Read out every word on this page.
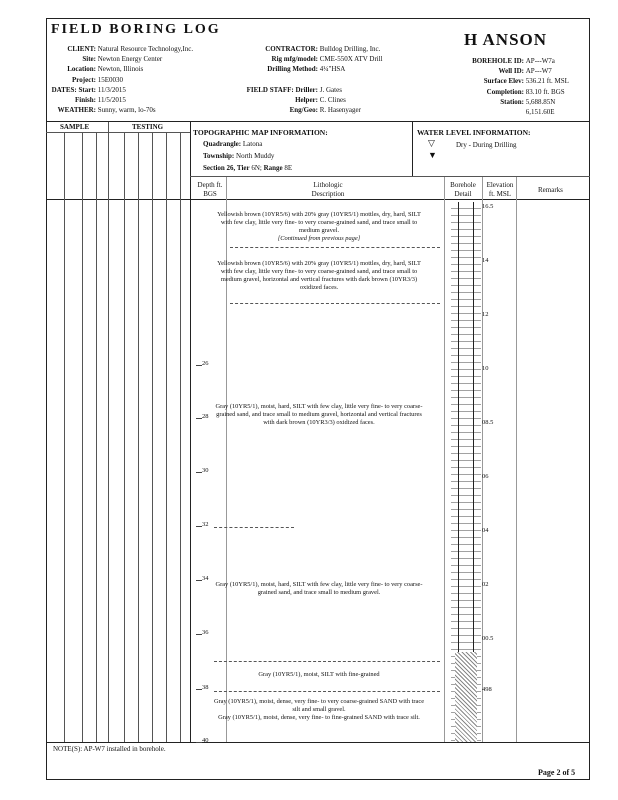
FIELD BORING LOG
H ANSON
CLIENT: Natural Resource Technology,Inc.
Site: Newton Energy Center
Location: Newton, Illinois
Project: 15E0030
DATES: Start: 11/3/2015
Finish: 11/5/2015
WEATHER: Sunny, warm, lo-70s
CONTRACTOR: Bulldog Drilling, Inc.
Rig mfg/model: CME-550X ATV Drill
Drilling Method: 4¼"HSA

FIELD STAFF: Driller: J. Gates
Helper: C. Clines
Eng/Geo: R. Hasenyager
BOREHOLE ID: AP---W7a
Well ID: AP---W7
Surface Elev: 536.21 ft. MSL
Completion: 83.10 ft. BGS
Station: 5,688.85N
6,151.60E
SAMPLE	TESTING
TOPOGRAPHIC MAP INFORMATION:
Quadrangle: Latona
Township: North Muddy
Section 26, Tier 6N; Range 8E
WATER LEVEL INFORMATION:
▽	Dry - During Drilling
▼
Depth ft. BGS
Lithologic Description
Borehole Detail
Elevation ft. MSL	Remarks
Yellowish brown (10YR5/6) with 20% gray (10YR5/1) mottles, dry, hard, SILT with few clay, little very fine- to very coarse-grained sand, and trace small to medium gravel.
[Continued from previous page]
Yellowish brown (10YR5/6) with 20% gray (10YR5/1) mottles, dry, hard, SILT with few clay, little very fine- to very coarse-grained sand, and trace small to medium gravel, horizontal and vertical fractures with dark brown (10YR3/3) oxidized faces.
Gray (10YR5/1), moist, hard, SILT with few clay, little very fine- to very coarse-grained sand, and trace small to medium gravel, horizontal and vertical fractures with dark brown (10YR3/3) oxidized faces.
Gray (10YR5/1), moist, hard, SILT with few clay, little very fine- to very coarse-grained sand, and trace small to medium gravel.
Gray (10YR5/1), moist, SILT with fine-grained
Gray (10YR5/1), moist, dense, very fine- to very coarse-grained SAND with trace silt and small gravel.
Gray (10YR5/1), moist, dense, very fine- to fine-grained SAND with trace silt.
26
28
30
32
34
36
38
40
16.5
14
12
10
08.5
06
04
02
00.5
498
NOTE(S): AP-W7 installed in borehole.
Page 2 of 5
